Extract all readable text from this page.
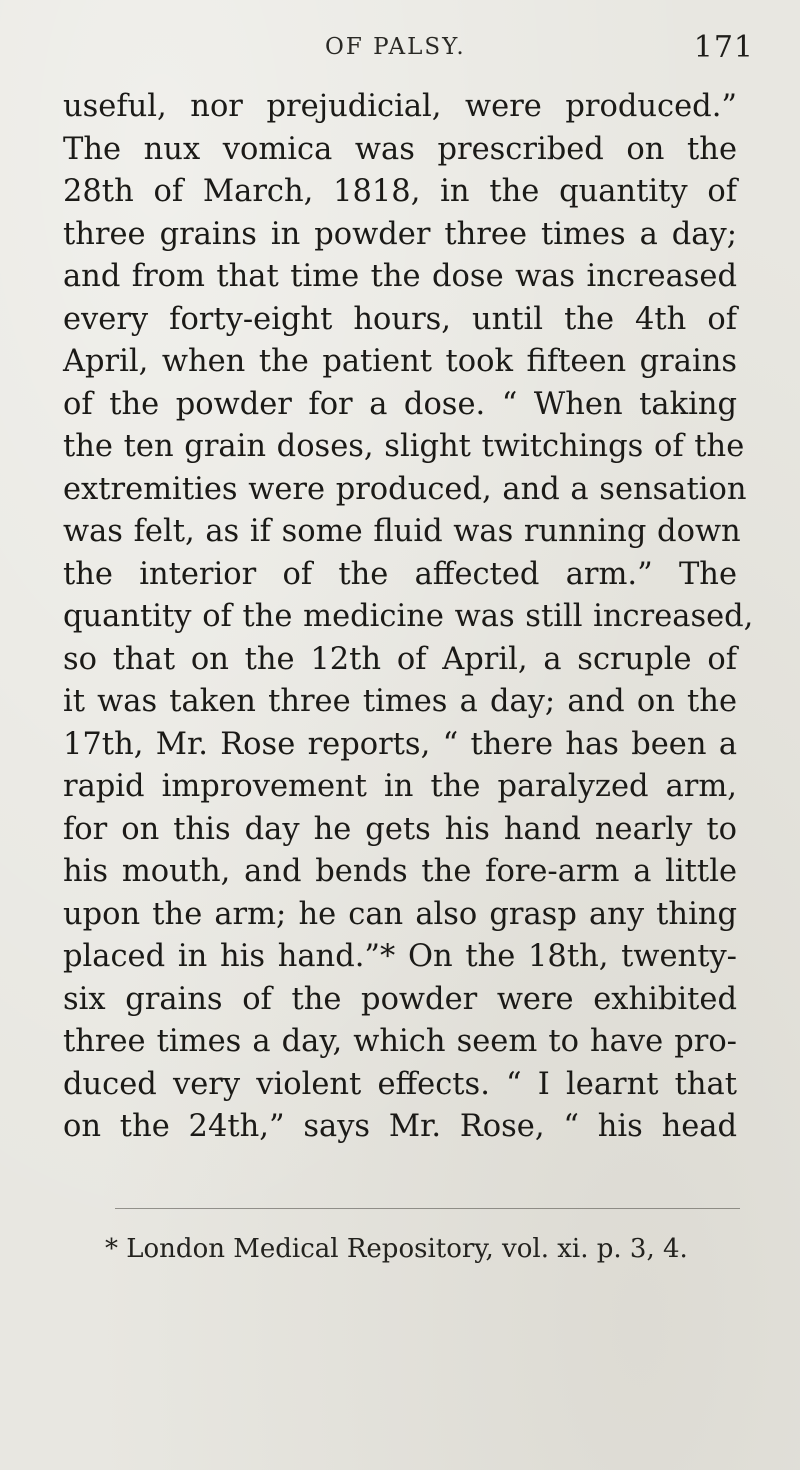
OF PALSY.	171
useful, nor prejudicial, were produced.”
The nux vomica was prescribed on the
28th of March, 1818, in the quantity of
three grains in powder three times a day;
and from that time the dose was increased
every forty-eight hours, until the 4th of
April, when the patient took fifteen grains
of the powder for a dose. “ When taking
the ten grain doses, slight twitchings of the
extremities were produced, and a sensation
was felt, as if some fluid was running down
the interior of the affected arm.” The
quantity of the medicine was still increased,
so that on the 12th of April, a scruple of
it was taken three times a day; and on the
17th, Mr. Rose reports, “ there has been a
rapid improvement in the paralyzed arm,
for on this day he gets his hand nearly to
his mouth, and bends the fore-arm a little
upon the arm; he can also grasp any thing
placed in his hand.”* On the 18th, twenty-
six grains of the powder were exhibited
three times a day, which seem to have pro-
duced very violent effects. “ I learnt that
on the 24th,” says Mr. Rose, “ his head
* London Medical Repository, vol. xi. p. 3, 4.
